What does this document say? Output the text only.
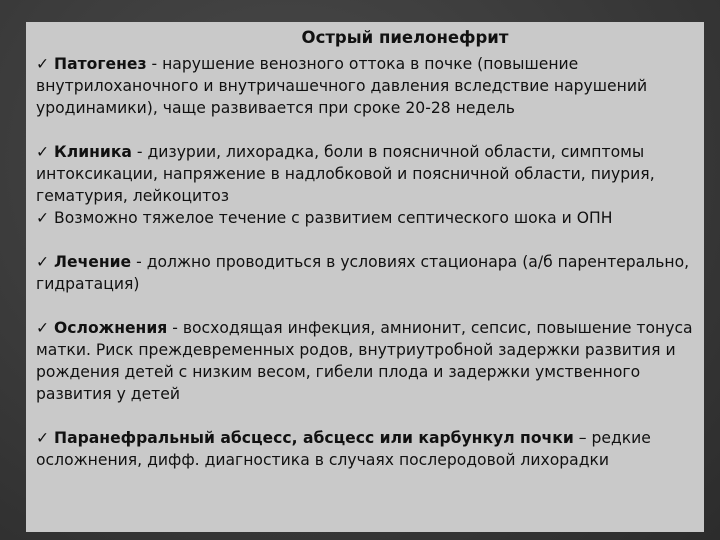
Острый пиелонефрит

✓ Патогенез - нарушение венозного оттока в почке (повышение внутрилоханочного и внутричашечного давления вследствие нарушений уродинамики), чаще развивается при сроке 20-28 недель

✓ Клиника - дизурии, лихорадка, боли в поясничной области, симптомы интоксикации, напряжение в надлобковой и поясничной области, пиурия, гематурия, лейкоцитоз

✓ Возможно тяжелое течение с развитием септического шока и ОПН

✓ Лечение - должно проводиться в условиях стационара (а/б парентерально, гидратация)

✓ Осложнения - восходящая инфекция, амнионит, сепсис, повышение тонуса матки. Риск преждевременных родов, внутриутробной задержки развития и рождения детей с низким весом, гибели плода и задержки умственного развития у детей

✓ Паранефральный абсцесс, абсцесс или карбункул почки – редкие осложнения, дифф. диагностика в случаях послеродовой лихорадки
